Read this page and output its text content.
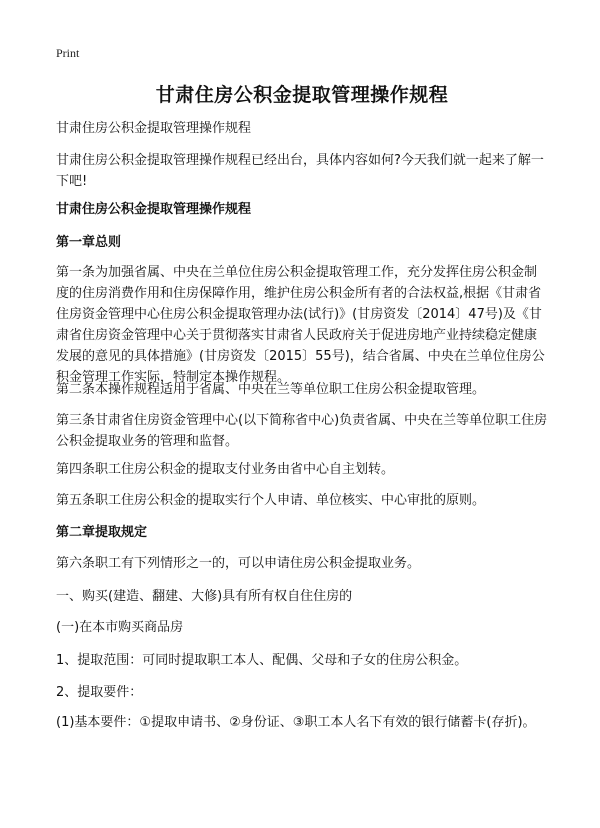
Print

甘肃住房公积金提取管理操作规程

甘肃住房公积金提取管理操作规程

甘肃住房公积金提取管理操作规程已经出台，具体内容如何?今天我们就一起来了解一下吧!

甘肃住房公积金提取管理操作规程

第一章总则

第一条为加强省属、中央在兰单位住房公积金提取管理工作，充分发挥住房公积金制度的住房消费作用和住房保障作用，维护住房公积金所有者的合法权益,根据《甘肃省住房资金管理中心住房公积金提取管理办法(试行)》(甘房资发〔2014〕47号)及《甘肃省住房资金管理中心关于贯彻落实甘肃省人民政府关于促进房地产业持续稳定健康发展的意见的具体措施》(甘房资发〔2015〕55号)，结合省属、中央在兰单位住房公积金管理工作实际，特制定本操作规程。

第二条本操作规程适用于省属、中央在兰等单位职工住房公积金提取管理。

第三条甘肃省住房资金管理中心(以下简称省中心)负责省属、中央在兰等单位职工住房公积金提取业务的管理和监督。

第四条职工住房公积金的提取支付业务由省中心自主划转。

第五条职工住房公积金的提取实行个人申请、单位核实、中心审批的原则。

第二章提取规定

第六条职工有下列情形之一的，可以申请住房公积金提取业务。

一、购买(建造、翻建、大修)具有所有权自住住房的

(一)在本市购买商品房

1、提取范围：可同时提取职工本人、配偶、父母和子女的住房公积金。

2、提取要件：

(1)基本要件：①提取申请书、②身份证、③职工本人名下有效的银行储蓄卡(存折)。
